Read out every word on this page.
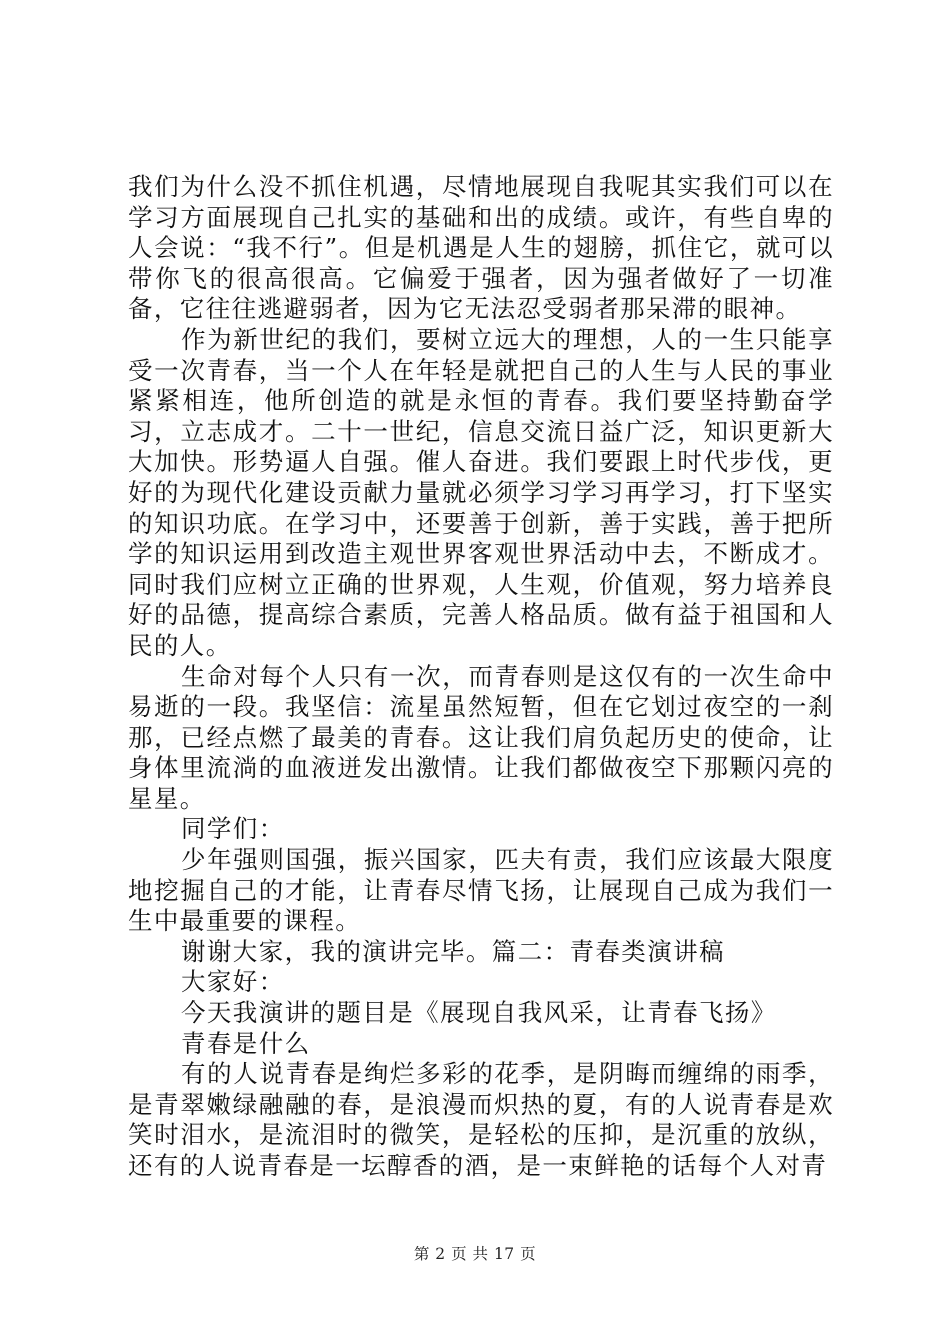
我们为什么没不抓住机遇，尽情地展现自我呢其实我们可以在学习方面展现自己扎实的基础和出的成绩。或许，有些自卑的人会说：“我不行”。但是机遇是人生的翅膀，抓住它，就可以带你飞的很高很高。它偏爱于强者，因为强者做好了一切准备，它往往逃避弱者，因为它无法忍受弱者那呆滞的眼神。

作为新世纪的我们，要树立远大的理想，人的一生只能享受一次青春，当一个人在年轻是就把自己的人生与人民的事业紧紧相连，他所创造的就是永恒的青春。我们要坚持勤奋学习，立志成才。二十一世纪，信息交流日益广泛，知识更新大大加快。形势逼人自强。催人奋进。我们要跟上时代步伐，更好的为现代化建设贡献力量就必须学习学习再学习，打下坚实的知识功底。在学习中，还要善于创新，善于实践，善于把所学的知识运用到改造主观世界客观世界活动中去，不断成才。同时我们应树立正确的世界观，人生观，价值观，努力培养良好的品德，提高综合素质，完善人格品质。做有益于祖国和人民的人。

生命对每个人只有一次，而青春则是这仅有的一次生命中易逝的一段。我坚信：流星虽然短暂，但在它划过夜空的一刹那，已经点燃了最美的青春。这让我们肩负起历史的使命，让身体里流淌的血液迸发出激情。让我们都做夜空下那颗闪亮的星星。

同学们：

少年强则国强，振兴国家，匹夫有责，我们应该最大限度地挖掘自己的才能，让青春尽情飞扬，让展现自己成为我们一生中最重要的课程。

谢谢大家，我的演讲完毕。篇二：青春类演讲稿

大家好：

今天我演讲的题目是《展现自我风采，让青春飞扬》

青春是什么

有的人说青春是绚烂多彩的花季，是阴晦而缠绵的雨季，是青翠嫩绿融融的春，是浪漫而炽热的夏，有的人说青春是欢笑时泪水，是流泪时的微笑，是轻松的压抑，是沉重的放纵，还有的人说青春是一坛醇香的酒，是一束鲜艳的话每个人对青

第 2 页 共 17 页
